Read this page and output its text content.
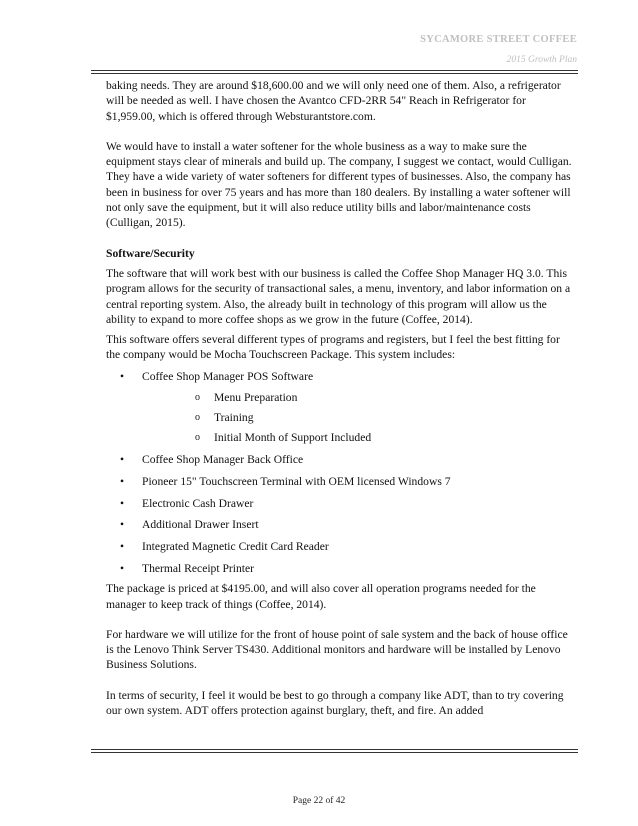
SYCAMORE STREET COFFEE
2015 Growth Plan

baking needs. They are around $18,600.00 and we will only need one of them. Also, a refrigerator will be needed as well. I have chosen the Avantco CFD-2RR 54" Reach in Refrigerator for $1,959.00, which is offered through Websturantstore.com.

We would have to install a water softener for the whole business as a way to make sure the equipment stays clear of minerals and build up. The company, I suggest we contact, would Culligan. They have a wide variety of water softeners for different types of businesses. Also, the company has been in business for over 75 years and has more than 180 dealers. By installing a water softener will not only save the equipment, but it will also reduce utility bills and labor/maintenance costs (Culligan, 2015).

Software/Security

The software that will work best with our business is called the Coffee Shop Manager HQ 3.0. This program allows for the security of transactional sales, a menu, inventory, and labor information on a central reporting system. Also, the already built in technology of this program will allow us the ability to expand to more coffee shops as we grow in the future (Coffee, 2014).

This software offers several different types of programs and registers, but I feel the best fitting for the company would be Mocha Touchscreen Package. This system includes:

• Coffee Shop Manager POS Software
o Menu Preparation
o Training
o Initial Month of Support Included
• Coffee Shop Manager Back Office
• Pioneer 15" Touchscreen Terminal with OEM licensed Windows 7
• Electronic Cash Drawer
• Additional Drawer Insert
• Integrated Magnetic Credit Card Reader
• Thermal Receipt Printer

The package is priced at $4195.00, and will also cover all operation programs needed for the manager to keep track of things (Coffee, 2014).

For hardware we will utilize for the front of house point of sale system and the back of house office is the Lenovo Think Server TS430. Additional monitors and hardware will be installed by Lenovo Business Solutions.

In terms of security, I feel it would be best to go through a company like ADT, than to try covering our own system. ADT offers protection against burglary, theft, and fire. An added

Page 22 of 42
